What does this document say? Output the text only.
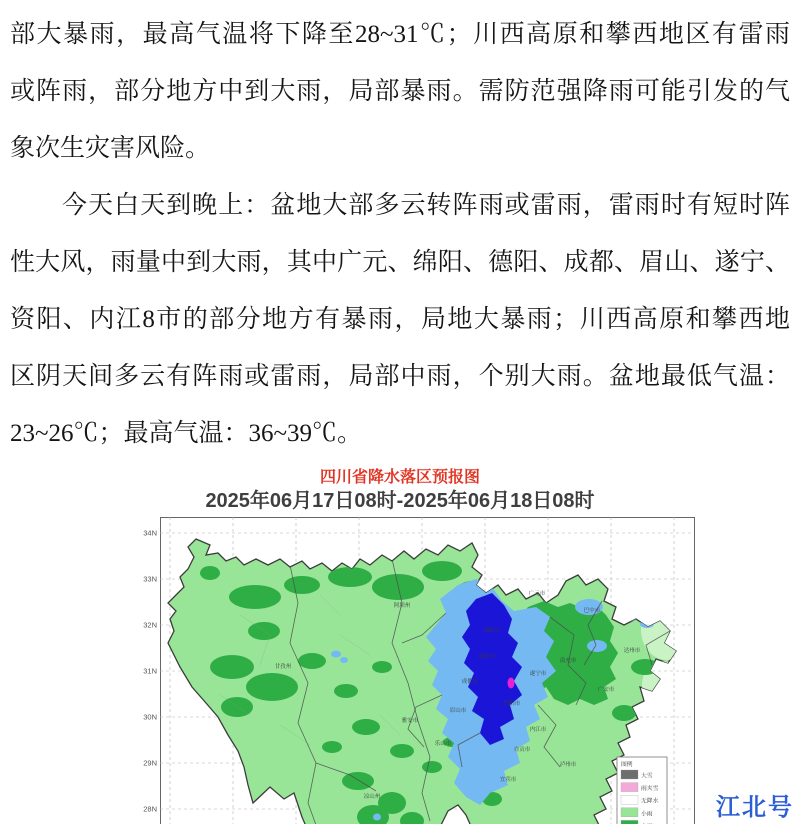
部大暴雨，最高气温将下降至28~31℃；川西高原和攀西地区有雷雨
或阵雨，部分地方中到大雨，局部暴雨。需防范强降雨可能引发的气
象次生灾害风险。
今天白天到晚上：盆地大部多云转阵雨或雷雨，雷雨时有短时阵
性大风，雨量中到大雨，其中广元、绵阳、德阳、成都、眉山、遂宁、
资阳、内江8市的部分地方有暴雨，局地大暴雨；川西高原和攀西地
区阴天间多云有阵雨或雷雨，局部中雨，个别大雨。盆地最低气温：
23~26℃；最高气温：36~39℃。
四川省降水落区预报图
2025年06月17日08时-2025年06月18日08时
34N
33N
32N
31N
30N
29N
28N
阿坝州
甘孜州
凉山州
广元市
绵阳市
德阳市
成都市
雅安市
眉山市
乐山市
巴中市
南充市
达州市
广安市
遂宁市
资阳市
内江市
自贡市
宜宾市
泸州市	图例
大雪
雨夹雪
无降水
小雨	江北号
